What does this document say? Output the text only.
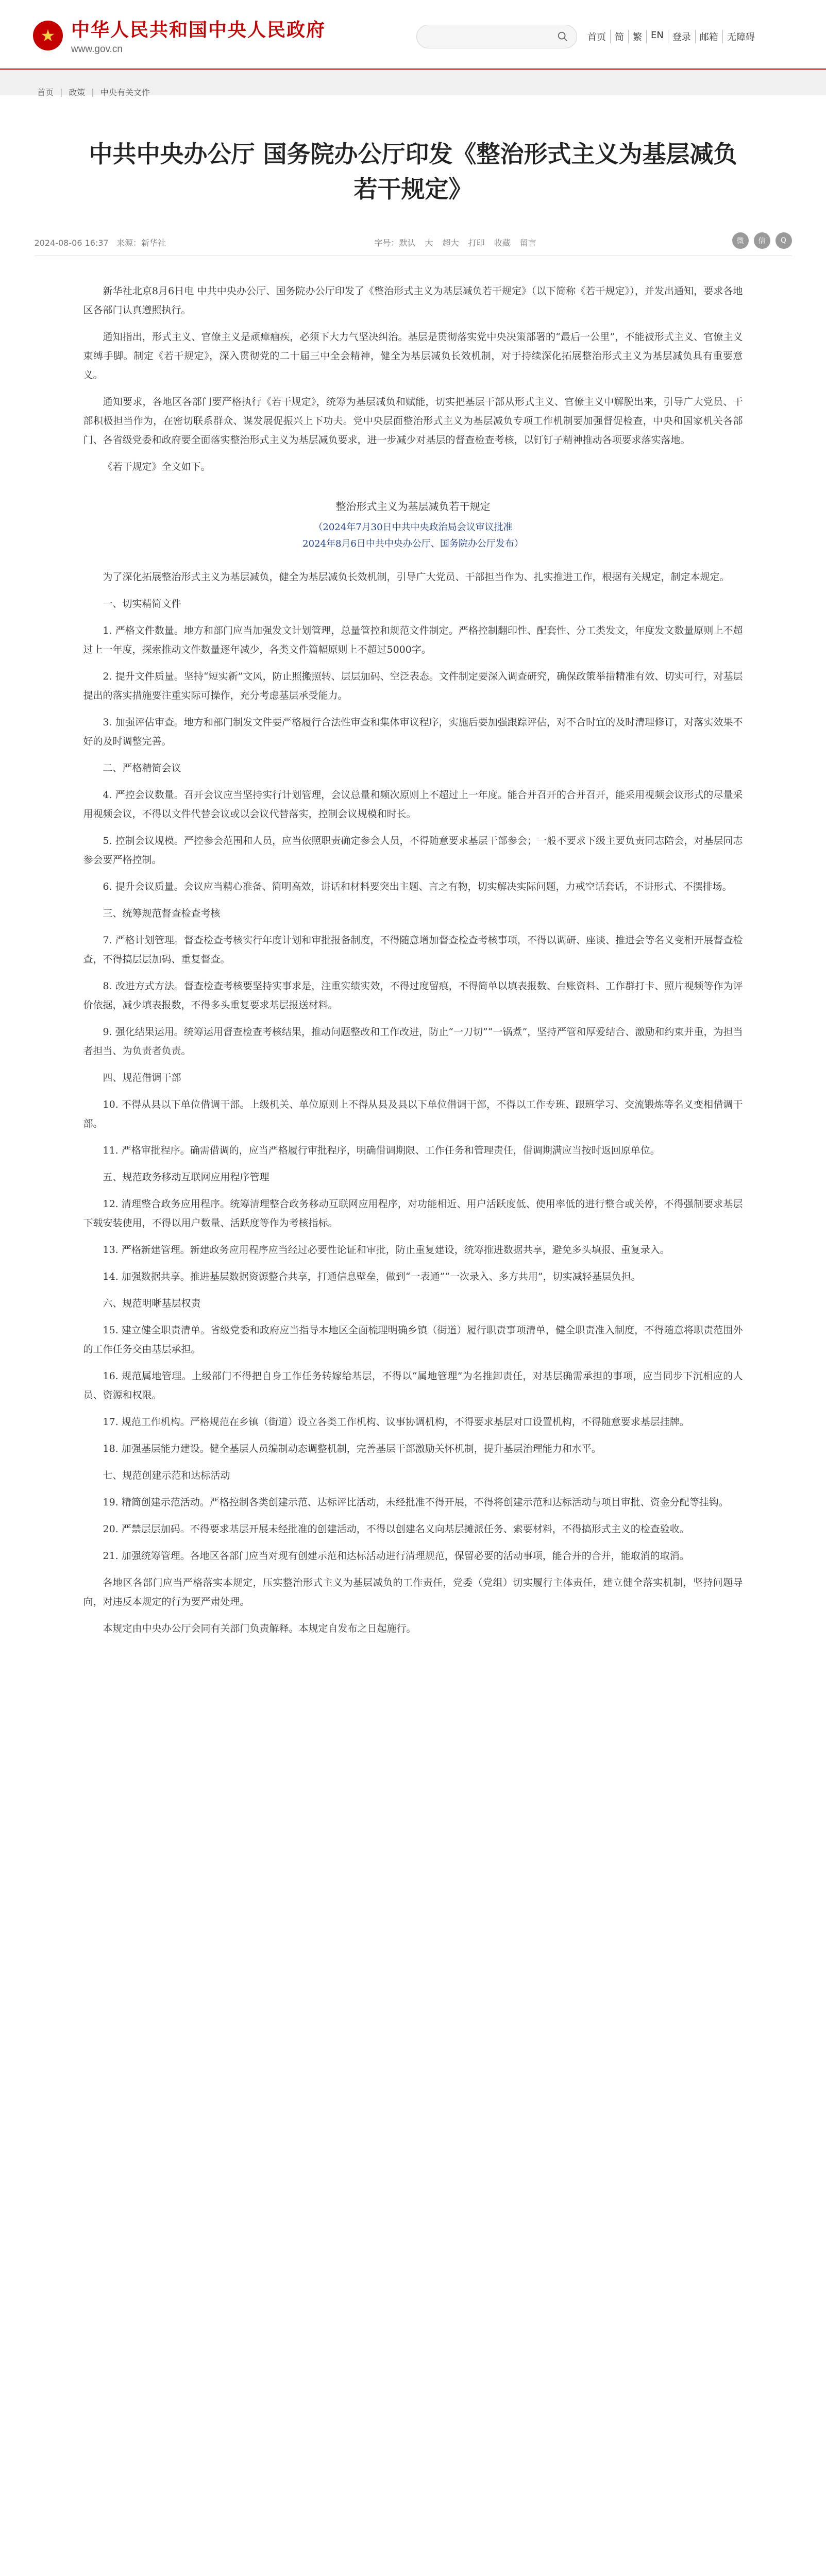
★ 中华人民共和国中央人民政府
www.gov.cn
首页 简 繁 EN 登录 邮箱 无障碍
首页 | 政策 | 中央有关文件
中共中央办公厅 国务院办公厅印发《整治形式主义为基层减负若干规定》
2024-08-06 16:37 来源：新华社	字号： 默认 大 超大 打印 收藏 留言	微	信	Q

新华社北京8月6日电 中共中央办公厅、国务院办公厅印发了《整治形式主义为基层减负若干规定》（以下简称《若干规定》），并发出通知，要求各地区各部门认真遵照执行。

通知指出，形式主义、官僚主义是顽瘴痼疾，必须下大力气坚决纠治。基层是贯彻落实党中央决策部署的“最后一公里”，不能被形式主义、官僚主义束缚手脚。制定《若干规定》，深入贯彻党的二十届三中全会精神，健全为基层减负长效机制，对于持续深化拓展整治形式主义为基层减负具有重要意义。

通知要求，各地区各部门要严格执行《若干规定》，统筹为基层减负和赋能，切实把基层干部从形式主义、官僚主义中解脱出来，引导广大党员、干部积极担当作为，在密切联系群众、谋发展促振兴上下功夫。党中央层面整治形式主义为基层减负专项工作机制要加强督促检查，中央和国家机关各部门、各省级党委和政府要全面落实整治形式主义为基层减负要求，进一步减少对基层的督查检查考核，以钉钉子精神推动各项要求落实落地。

《若干规定》全文如下。

整治形式主义为基层减负若干规定
（2024年7月30日中共中央政治局会议审议批准
2024年8月6日中共中央办公厅、国务院办公厅发布）

为了深化拓展整治形式主义为基层减负，健全为基层减负长效机制，引导广大党员、干部担当作为、扎实推进工作，根据有关规定，制定本规定。

一、切实精简文件

1. 严格文件数量。地方和部门应当加强发文计划管理，总量管控和规范文件制定。严格控制翻印性、配套性、分工类发文，年度发文数量原则上不超过上一年度，探索推动文件数量逐年减少，各类文件篇幅原则上不超过5000字。

2. 提升文件质量。坚持“短实新”文风，防止照搬照转、层层加码、空泛表态。文件制定要深入调查研究，确保政策举措精准有效、切实可行，对基层提出的落实措施要注重实际可操作，充分考虑基层承受能力。

3. 加强评估审查。地方和部门制发文件要严格履行合法性审查和集体审议程序，实施后要加强跟踪评估，对不合时宜的及时清理修订，对落实效果不好的及时调整完善。

二、严格精简会议

4. 严控会议数量。召开会议应当坚持实行计划管理，会议总量和频次原则上不超过上一年度。能合并召开的合并召开，能采用视频会议形式的尽量采用视频会议，不得以文件代替会议或以会议代替落实，控制会议规模和时长。

5. 控制会议规模。严控参会范围和人员，应当依照职责确定参会人员，不得随意要求基层干部参会；一般不要求下级主要负责同志陪会，对基层同志参会要严格控制。

6. 提升会议质量。会议应当精心准备、简明高效，讲话和材料要突出主题、言之有物，切实解决实际问题，力戒空话套话，不讲形式、不摆排场。

三、统筹规范督查检查考核

7. 严格计划管理。督查检查考核实行年度计划和审批报备制度，不得随意增加督查检查考核事项，不得以调研、座谈、推进会等名义变相开展督查检查，不得搞层层加码、重复督查。

8. 改进方式方法。督查检查考核要坚持实事求是，注重实绩实效，不得过度留痕，不得简单以填表报数、台账资料、工作群打卡、照片视频等作为评价依据，减少填表报数，不得多头重复要求基层报送材料。

9. 强化结果运用。统筹运用督查检查考核结果，推动问题整改和工作改进，防止“一刀切”“一锅煮”，坚持严管和厚爱结合、激励和约束并重，为担当者担当、为负责者负责。

四、规范借调干部

10. 不得从县以下单位借调干部。上级机关、单位原则上不得从县及县以下单位借调干部，不得以工作专班、跟班学习、交流锻炼等名义变相借调干部。

11. 严格审批程序。确需借调的，应当严格履行审批程序，明确借调期限、工作任务和管理责任，借调期满应当按时返回原单位。

五、规范政务移动互联网应用程序管理

12. 清理整合政务应用程序。统筹清理整合政务移动互联网应用程序，对功能相近、用户活跃度低、使用率低的进行整合或关停，不得强制要求基层下载安装使用，不得以用户数量、活跃度等作为考核指标。

13. 严格新建管理。新建政务应用程序应当经过必要性论证和审批，防止重复建设，统筹推进数据共享，避免多头填报、重复录入。

14. 加强数据共享。推进基层数据资源整合共享，打通信息壁垒，做到“一表通”“一次录入、多方共用”，切实减轻基层负担。

六、规范明晰基层权责

15. 建立健全职责清单。省级党委和政府应当指导本地区全面梳理明确乡镇（街道）履行职责事项清单，健全职责准入制度，不得随意将职责范围外的工作任务交由基层承担。

16. 规范属地管理。上级部门不得把自身工作任务转嫁给基层，不得以“属地管理”为名推卸责任，对基层确需承担的事项，应当同步下沉相应的人员、资源和权限。

17. 规范工作机构。严格规范在乡镇（街道）设立各类工作机构、议事协调机构，不得要求基层对口设置机构，不得随意要求基层挂牌。

18. 加强基层能力建设。健全基层人员编制动态调整机制，完善基层干部激励关怀机制，提升基层治理能力和水平。

七、规范创建示范和达标活动

19. 精简创建示范活动。严格控制各类创建示范、达标评比活动，未经批准不得开展，不得将创建示范和达标活动与项目审批、资金分配等挂钩。

20. 严禁层层加码。不得要求基层开展未经批准的创建活动，不得以创建名义向基层摊派任务、索要材料，不得搞形式主义的检查验收。

21. 加强统筹管理。各地区各部门应当对现有创建示范和达标活动进行清理规范，保留必要的活动事项，能合并的合并，能取消的取消。

各地区各部门应当严格落实本规定，压实整治形式主义为基层减负的工作责任，党委（党组）切实履行主体责任，建立健全落实机制，坚持问题导向，对违反本规定的行为要严肃处理。

本规定由中央办公厅会同有关部门负责解释。本规定自发布之日起施行。
